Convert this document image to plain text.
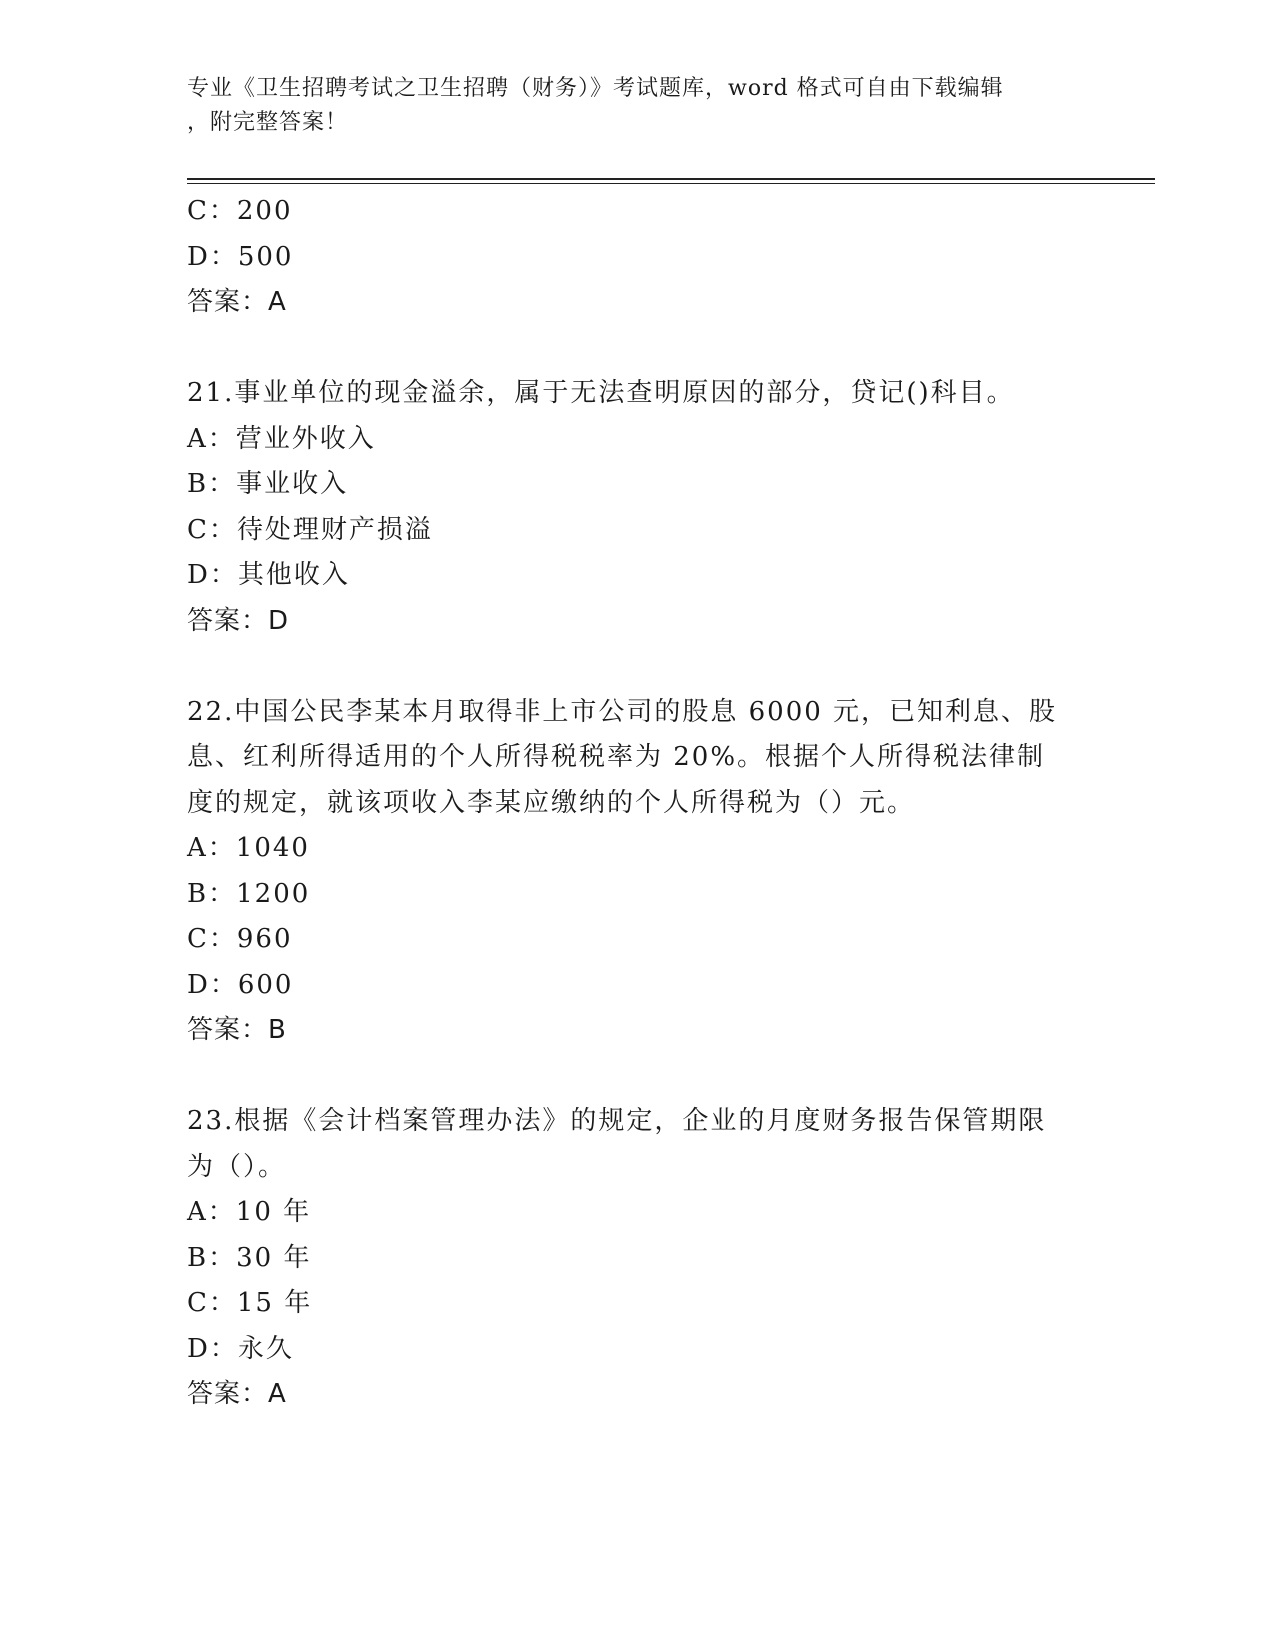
专业《卫生招聘考试之卫生招聘（财务）》考试题库，word 格式可自由下载编辑
，附完整答案！
C：200
D：500
答案：A
21.事业单位的现金溢余，属于无法查明原因的部分，贷记()科目。
A：营业外收入
B：事业收入
C：待处理财产损溢
D：其他收入
答案：D
22.中国公民李某本月取得非上市公司的股息 6000 元，已知利息、股
息、红利所得适用的个人所得税税率为 20%。根据个人所得税法律制
度的规定，就该项收入李某应缴纳的个人所得税为（）元。
A：1040
B：1200
C：960
D：600
答案：B
23.根据《会计档案管理办法》的规定，企业的月度财务报告保管期限
为（）。
A：10 年
B：30 年
C：15 年
D：永久
答案：A
